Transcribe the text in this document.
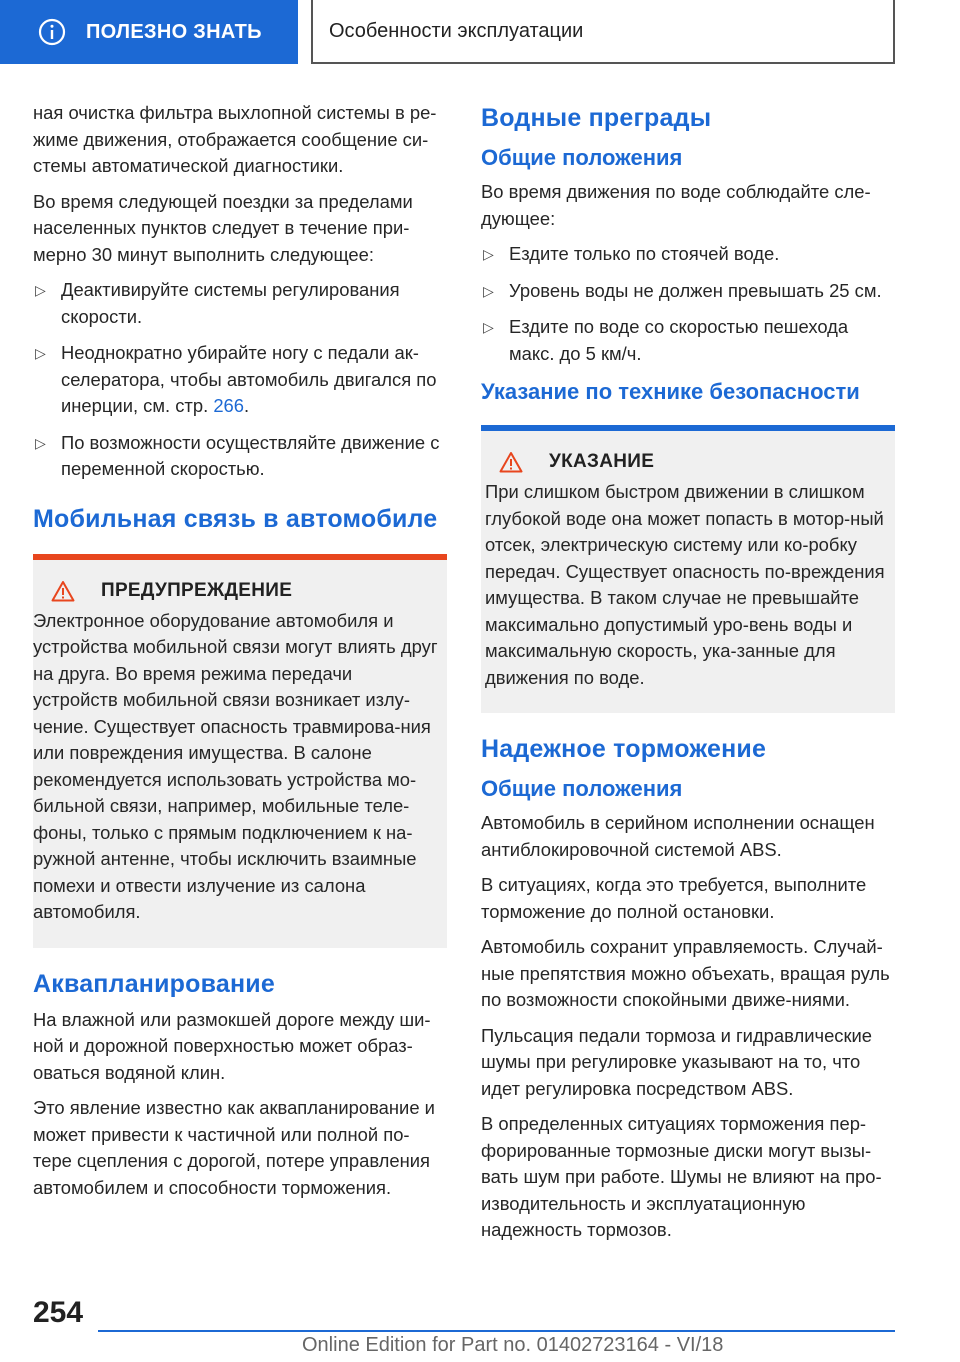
ПОЛЕЗНО ЗНАТЬ	Особенности эксплуатации

ная очистка фильтра выхлопной системы в ре-жиме движения, отображается сообщение си-стемы автоматической диагностики.

Во время следующей поездки за пределами населенных пунктов следует в течение при-мерно 30 минут выполнить следующее:

▷ Деактивируйте системы регулирования скорости.
▷ Неоднократно убирайте ногу с педали ак-селератора, чтобы автомобиль двигался по инерции, см. стр. 266.
▷ По возможности осуществляйте движение с переменной скоростью.
Мобильная связь в автомобиле
ПРЕДУПРЕЖДЕНИЕ

Электронное оборудование автомобиля и устройства мобильной связи могут влиять друг на друга. Во время режима передачи устройств мобильной связи возникает излу-чение. Существует опасность травмирова-ния или повреждения имущества. В салоне рекомендуется использовать устройства мо-бильной связи, например, мобильные теле-фоны, только с прямым подключением к на-ружной антенне, чтобы исключить взаимные помехи и отвести излучение из салона автомобиля.

Аквапланирование

На влажной или размокшей дороге между ши-ной и дорожной поверхностью может образ-оваться водяной клин.

Это явление известно как аквапланирование и может привести к частичной или полной по-тере сцепления с дорогой, потере управления автомобилем и способности торможения.

Водные преграды
Общие положения

Во время движения по воде соблюдайте сле-дующее:

▷ Ездите только по стоячей воде.
▷ Уровень воды не должен превышать 25 см.
▷ Ездите по воде со скоростью пешехода макс. до 5 км/ч.
Указание по технике безопасности
УКАЗАНИЕ

При слишком быстром движении в слишком глубокой воде она может попасть в мотор-ный отсек, электрическую систему или ко-робку передач. Существует опасность по-вреждения имущества. В таком случае не превышайте максимально допустимый уро-вень воды и максимальную скорость, ука-занные для движения по воде.

Надежное торможение
Общие положения

Автомобиль в серийном исполнении оснащен антиблокировочной системой ABS.

В ситуациях, когда это требуется, выполните торможение до полной остановки.

Автомобиль сохранит управляемость. Случай-ные препятствия можно объехать, вращая руль по возможности спокойными движе-ниями.

Пульсация педали тормоза и гидравлические шумы при регулировке указывают на то, что идет регулировка посредством ABS.

В определенных ситуациях торможения пер-форированные тормозные диски могут вызы-вать шум при работе. Шумы не влияют на про-изводительность и эксплуатационную надежность тормозов.

254
Online Edition for Part no. 01402723164 - VI/18
